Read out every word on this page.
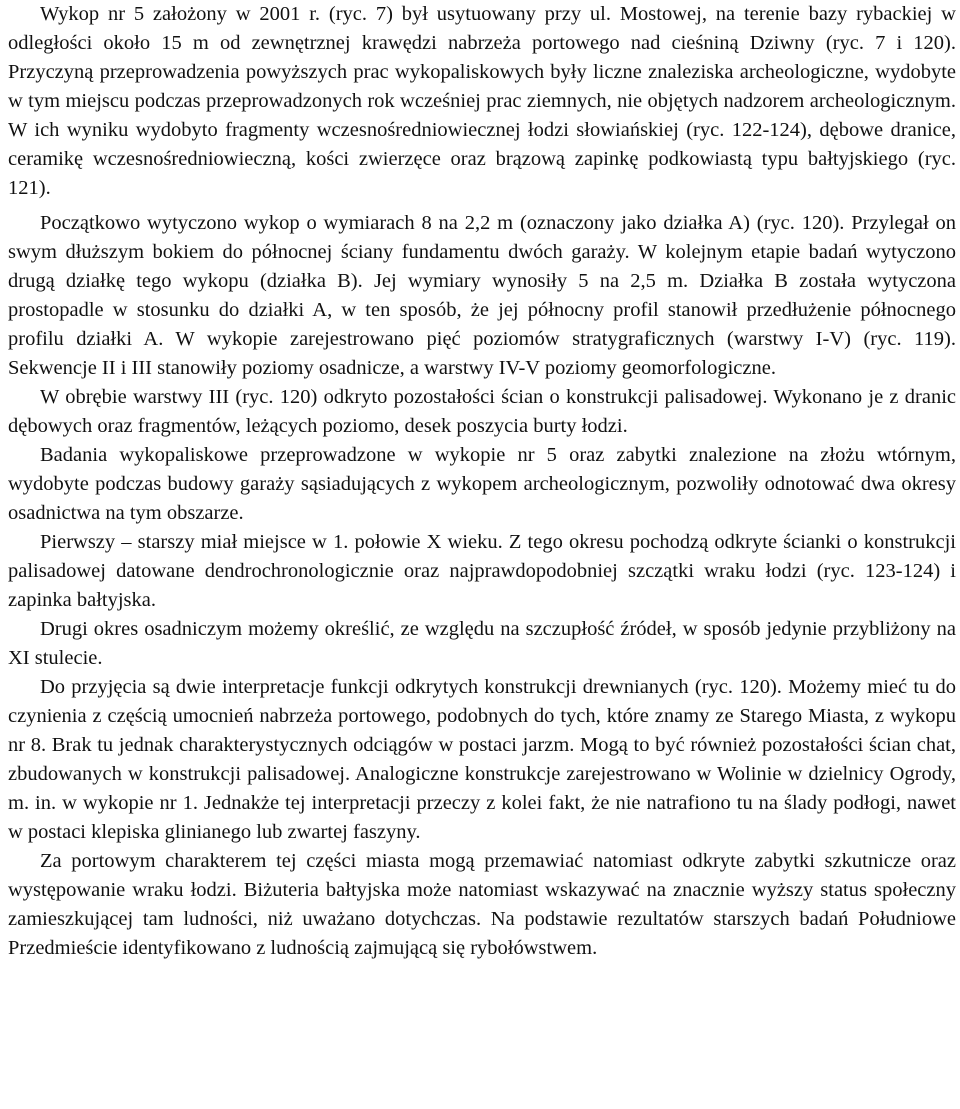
Wykop nr 5 założony w 2001 r. (ryc. 7) był usytuowany przy ul. Mostowej, na terenie bazy rybackiej w odległości około 15 m od zewnętrznej krawędzi nabrzeża portowego nad cieśniną Dziwny (ryc. 7 i 120). Przyczyną przeprowadzenia powyższych prac wykopaliskowych były liczne znaleziska archeologiczne, wydobyte w tym miejscu podczas przeprowadzonych rok wcześniej prac ziemnych, nie objętych nadzorem archeologicznym. W ich wyniku wydobyto fragmenty wczesnośredniowiecznej łodzi słowiańskiej (ryc. 122-124), dębowe dranice, ceramikę wczesnośredniowieczną, kości zwierzęce oraz brązową zapinkę podkowiastą typu bałtyjskiego (ryc. 121).

Początkowo wytyczono wykop o wymiarach 8 na 2,2 m (oznaczony jako działka A) (ryc. 120). Przylegał on swym dłuższym bokiem do północnej ściany fundamentu dwóch garaży. W kolejnym etapie badań wytyczono drugą działkę tego wykopu (działka B). Jej wymiary wynosiły 5 na 2,5 m. Działka B została wytyczona prostopadle w stosunku do działki A, w ten sposób, że jej północny profil stanowił przedłużenie północnego profilu działki A. W wykopie zarejestrowano pięć poziomów stratygraficznych (warstwy I-V) (ryc. 119). Sekwencje II i III stanowiły poziomy osadnicze, a warstwy IV-V poziomy geomorfologiczne.

W obrębie warstwy III (ryc. 120) odkryto pozostałości ścian o konstrukcji palisadowej. Wykonano je z dranic dębowych oraz fragmentów, leżących poziomo, desek poszycia burty łodzi.

Badania wykopaliskowe przeprowadzone w wykopie nr 5 oraz zabytki znalezione na złożu wtórnym, wydobyte podczas budowy garaży sąsiadujących z wykopem archeologicznym, pozwoliły odnotować dwa okresy osadnictwa na tym obszarze.

Pierwszy – starszy miał miejsce w 1. połowie X wieku. Z tego okresu pochodzą odkryte ścianki o konstrukcji palisadowej datowane dendrochronologicznie oraz najprawdopodobniej szczątki wraku łodzi (ryc. 123-124) i zapinka bałtyjska.

Drugi okres osadniczym możemy określić, ze względu na szczupłość źródeł, w sposób jedynie przybliżony na XI stulecie.

Do przyjęcia są dwie interpretacje funkcji odkrytych konstrukcji drewnianych (ryc. 120). Możemy mieć tu do czynienia z częścią umocnień nabrzeża portowego, podobnych do tych, które znamy ze Starego Miasta, z wykopu nr 8. Brak tu jednak charakterystycznych odciągów w postaci jarzm. Mogą to być również pozostałości ścian chat, zbudowanych w konstrukcji palisadowej. Analogiczne konstrukcje zarejestrowano w Wolinie w dzielnicy Ogrody, m. in. w wykopie nr 1. Jednakże tej interpretacji przeczy z kolei fakt, że nie natrafiono tu na ślady podłogi, nawet w postaci klepiska glinianego lub zwartej faszyny.

Za portowym charakterem tej części miasta mogą przemawiać natomiast odkryte zabytki szkutnicze oraz występowanie wraku łodzi. Biżuteria bałtyjska może natomiast wskazywać na znacznie wyższy status społeczny zamieszkującej tam ludności, niż uważano dotychczas. Na podstawie rezultatów starszych badań Południowe Przedmieście identyfikowano z ludnością zajmującą się rybołówstwem.
